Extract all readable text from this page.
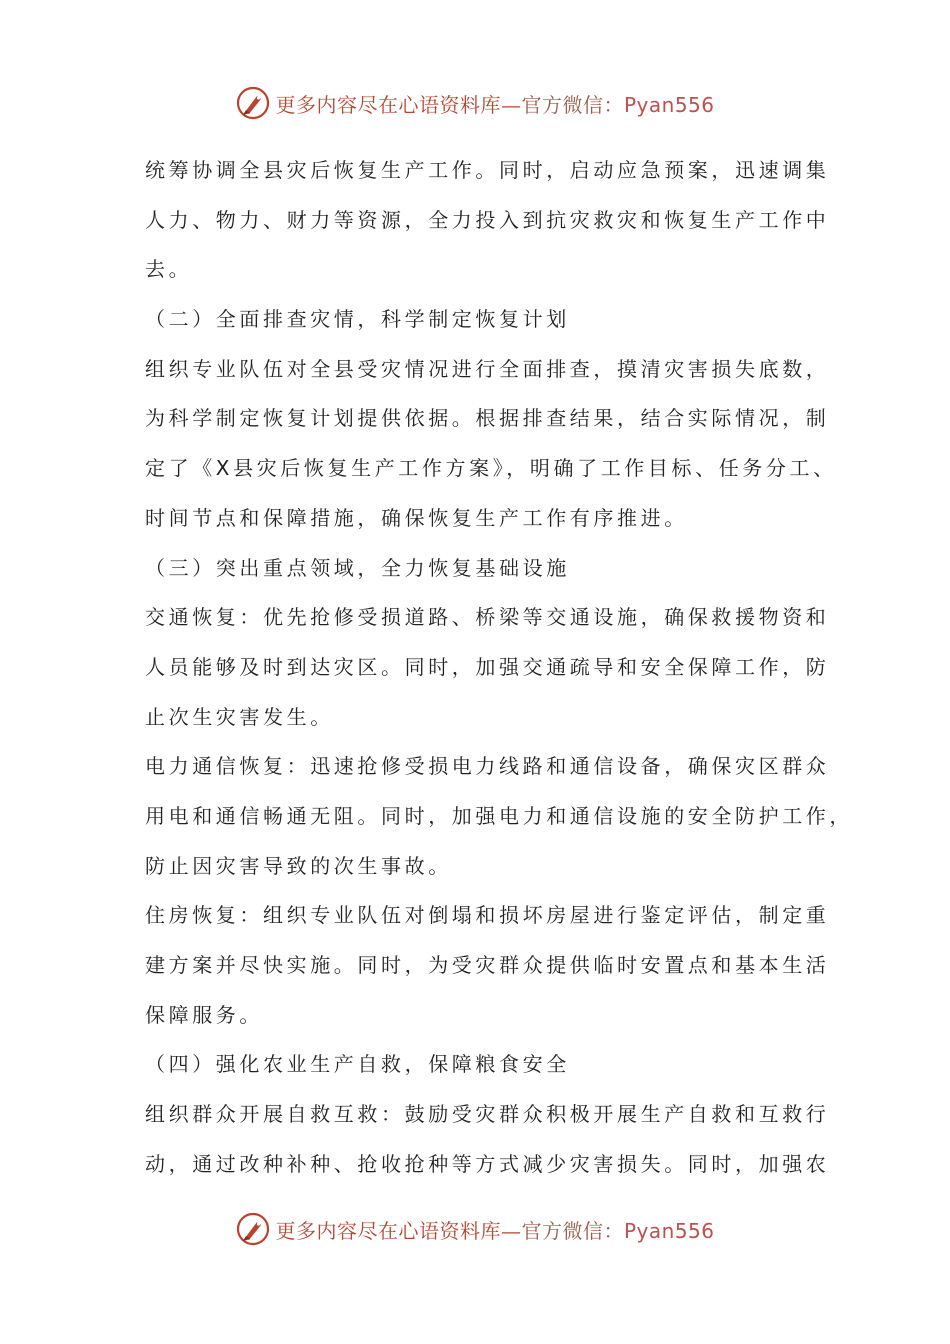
更多内容尽在心语资料库—官方微信：Pyan556
统筹协调全县灾后恢复生产工作。同时，启动应急预案，迅速调集
人力、物力、财力等资源，全力投入到抗灾救灾和恢复生产工作中
去。
（二）全面排查灾情，科学制定恢复计划
组织专业队伍对全县受灾情况进行全面排查，摸清灾害损失底数，
为科学制定恢复计划提供依据。根据排查结果，结合实际情况，制
定了《X县灾后恢复生产工作方案》，明确了工作目标、任务分工、
时间节点和保障措施，确保恢复生产工作有序推进。
（三）突出重点领域，全力恢复基础设施
交通恢复：优先抢修受损道路、桥梁等交通设施，确保救援物资和
人员能够及时到达灾区。同时，加强交通疏导和安全保障工作，防
止次生灾害发生。
电力通信恢复：迅速抢修受损电力线路和通信设备，确保灾区群众
用电和通信畅通无阻。同时，加强电力和通信设施的安全防护工作，
防止因灾害导致的次生事故。
住房恢复：组织专业队伍对倒塌和损坏房屋进行鉴定评估，制定重
建方案并尽快实施。同时，为受灾群众提供临时安置点和基本生活
保障服务。
（四）强化农业生产自救，保障粮食安全
组织群众开展自救互救：鼓励受灾群众积极开展生产自救和互救行
动，通过改种补种、抢收抢种等方式减少灾害损失。同时，加强农
更多内容尽在心语资料库—官方微信：Pyan556
